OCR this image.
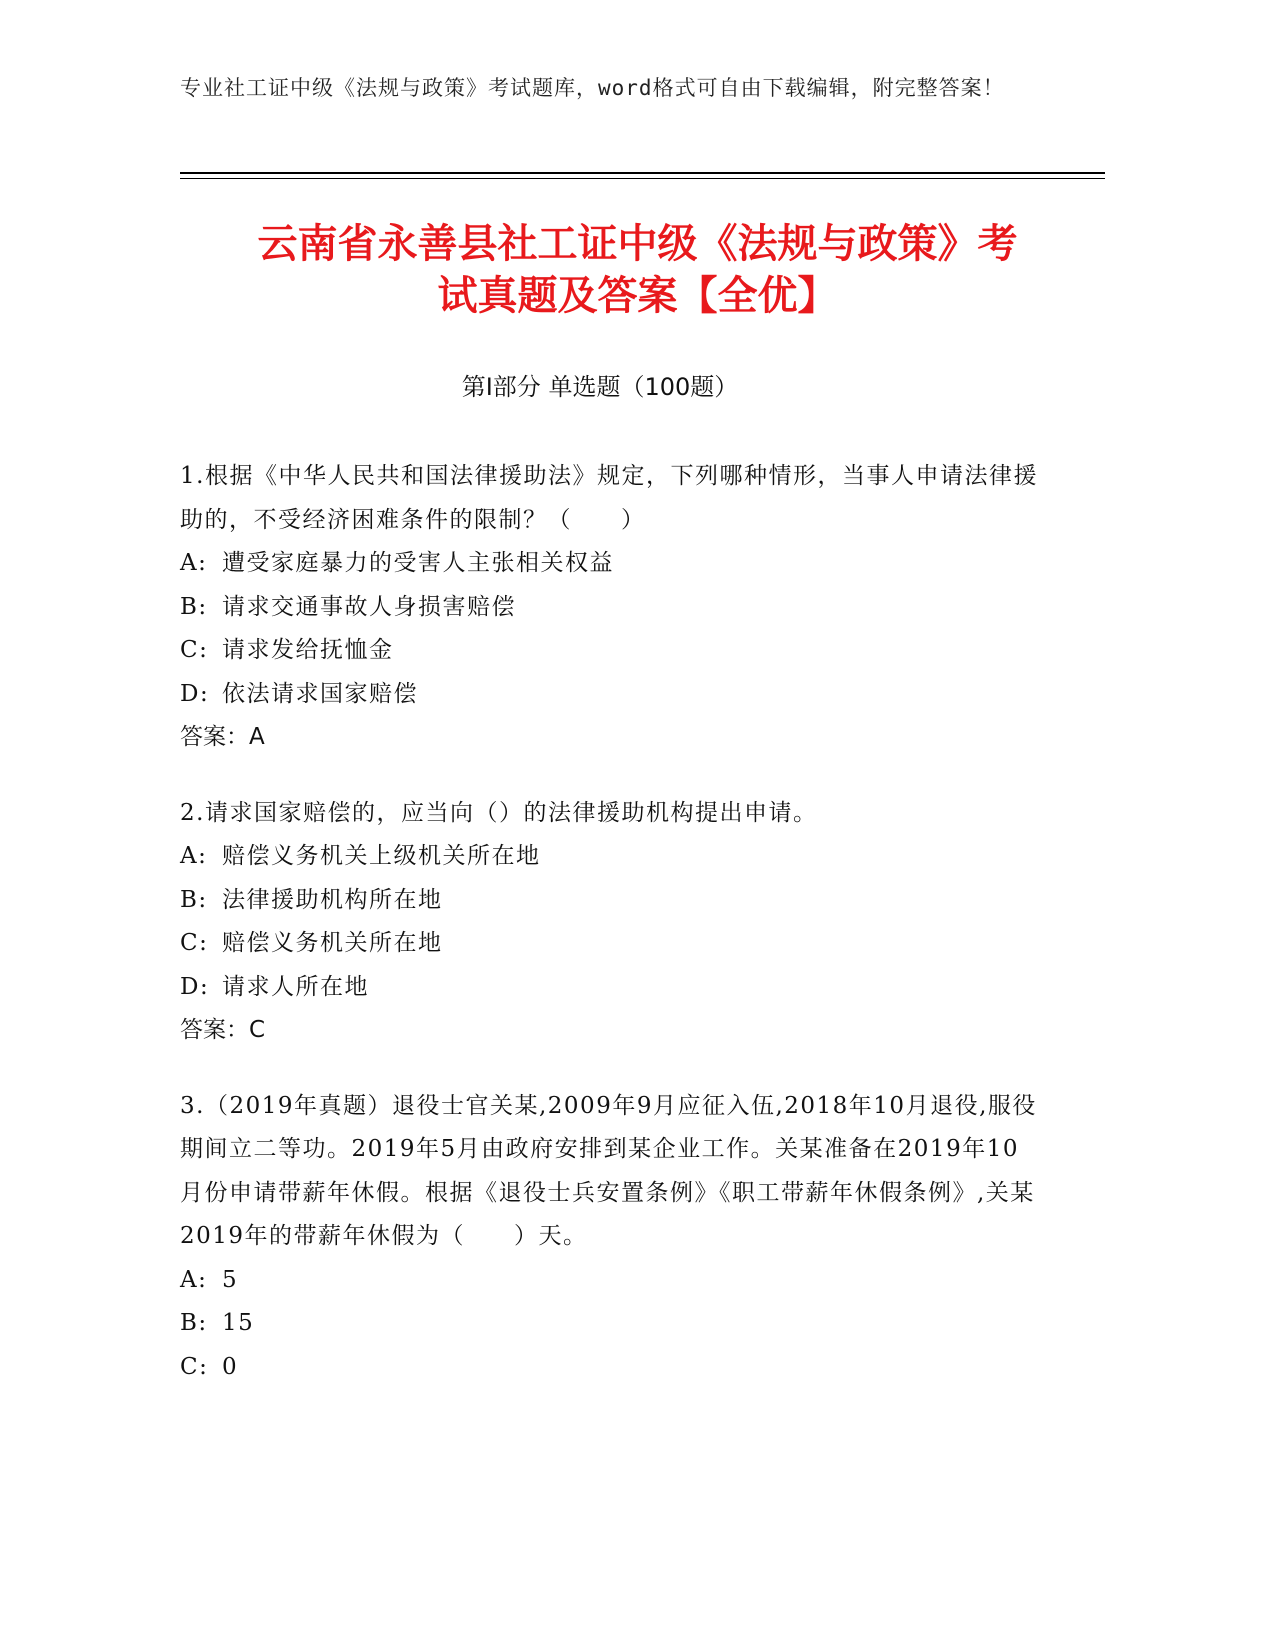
专业社工证中级《法规与政策》考试题库，word格式可自由下载编辑，附完整答案！
云南省永善县社工证中级《法规与政策》考
试真题及答案【全优】
第Ⅰ部分 单选题（100题）

1.根据《中华人民共和国法律援助法》规定，下列哪种情形，当事人申请法律援助的，不受经济困难条件的限制？（　　）

A: 遭受家庭暴力的受害人主张相关权益

B: 请求交通事故人身损害赔偿

C: 请求发给抚恤金

D: 依法请求国家赔偿

答案：A

2.请求国家赔偿的，应当向（）的法律援助机构提出申请。

A: 赔偿义务机关上级机关所在地

B: 法律援助机构所在地

C: 赔偿义务机关所在地

D: 请求人所在地

答案：C

3.（2019年真题）退役士官关某,2009年9月应征入伍,2018年10月退役,服役期间立二等功。2019年5月由政府安排到某企业工作。关某准备在2019年10月份申请带薪年休假。根据《退役士兵安置条例》《职工带薪年休假条例》,关某2019年的带薪年休假为（　　）天。

A: 5

B: 15

C: 0
